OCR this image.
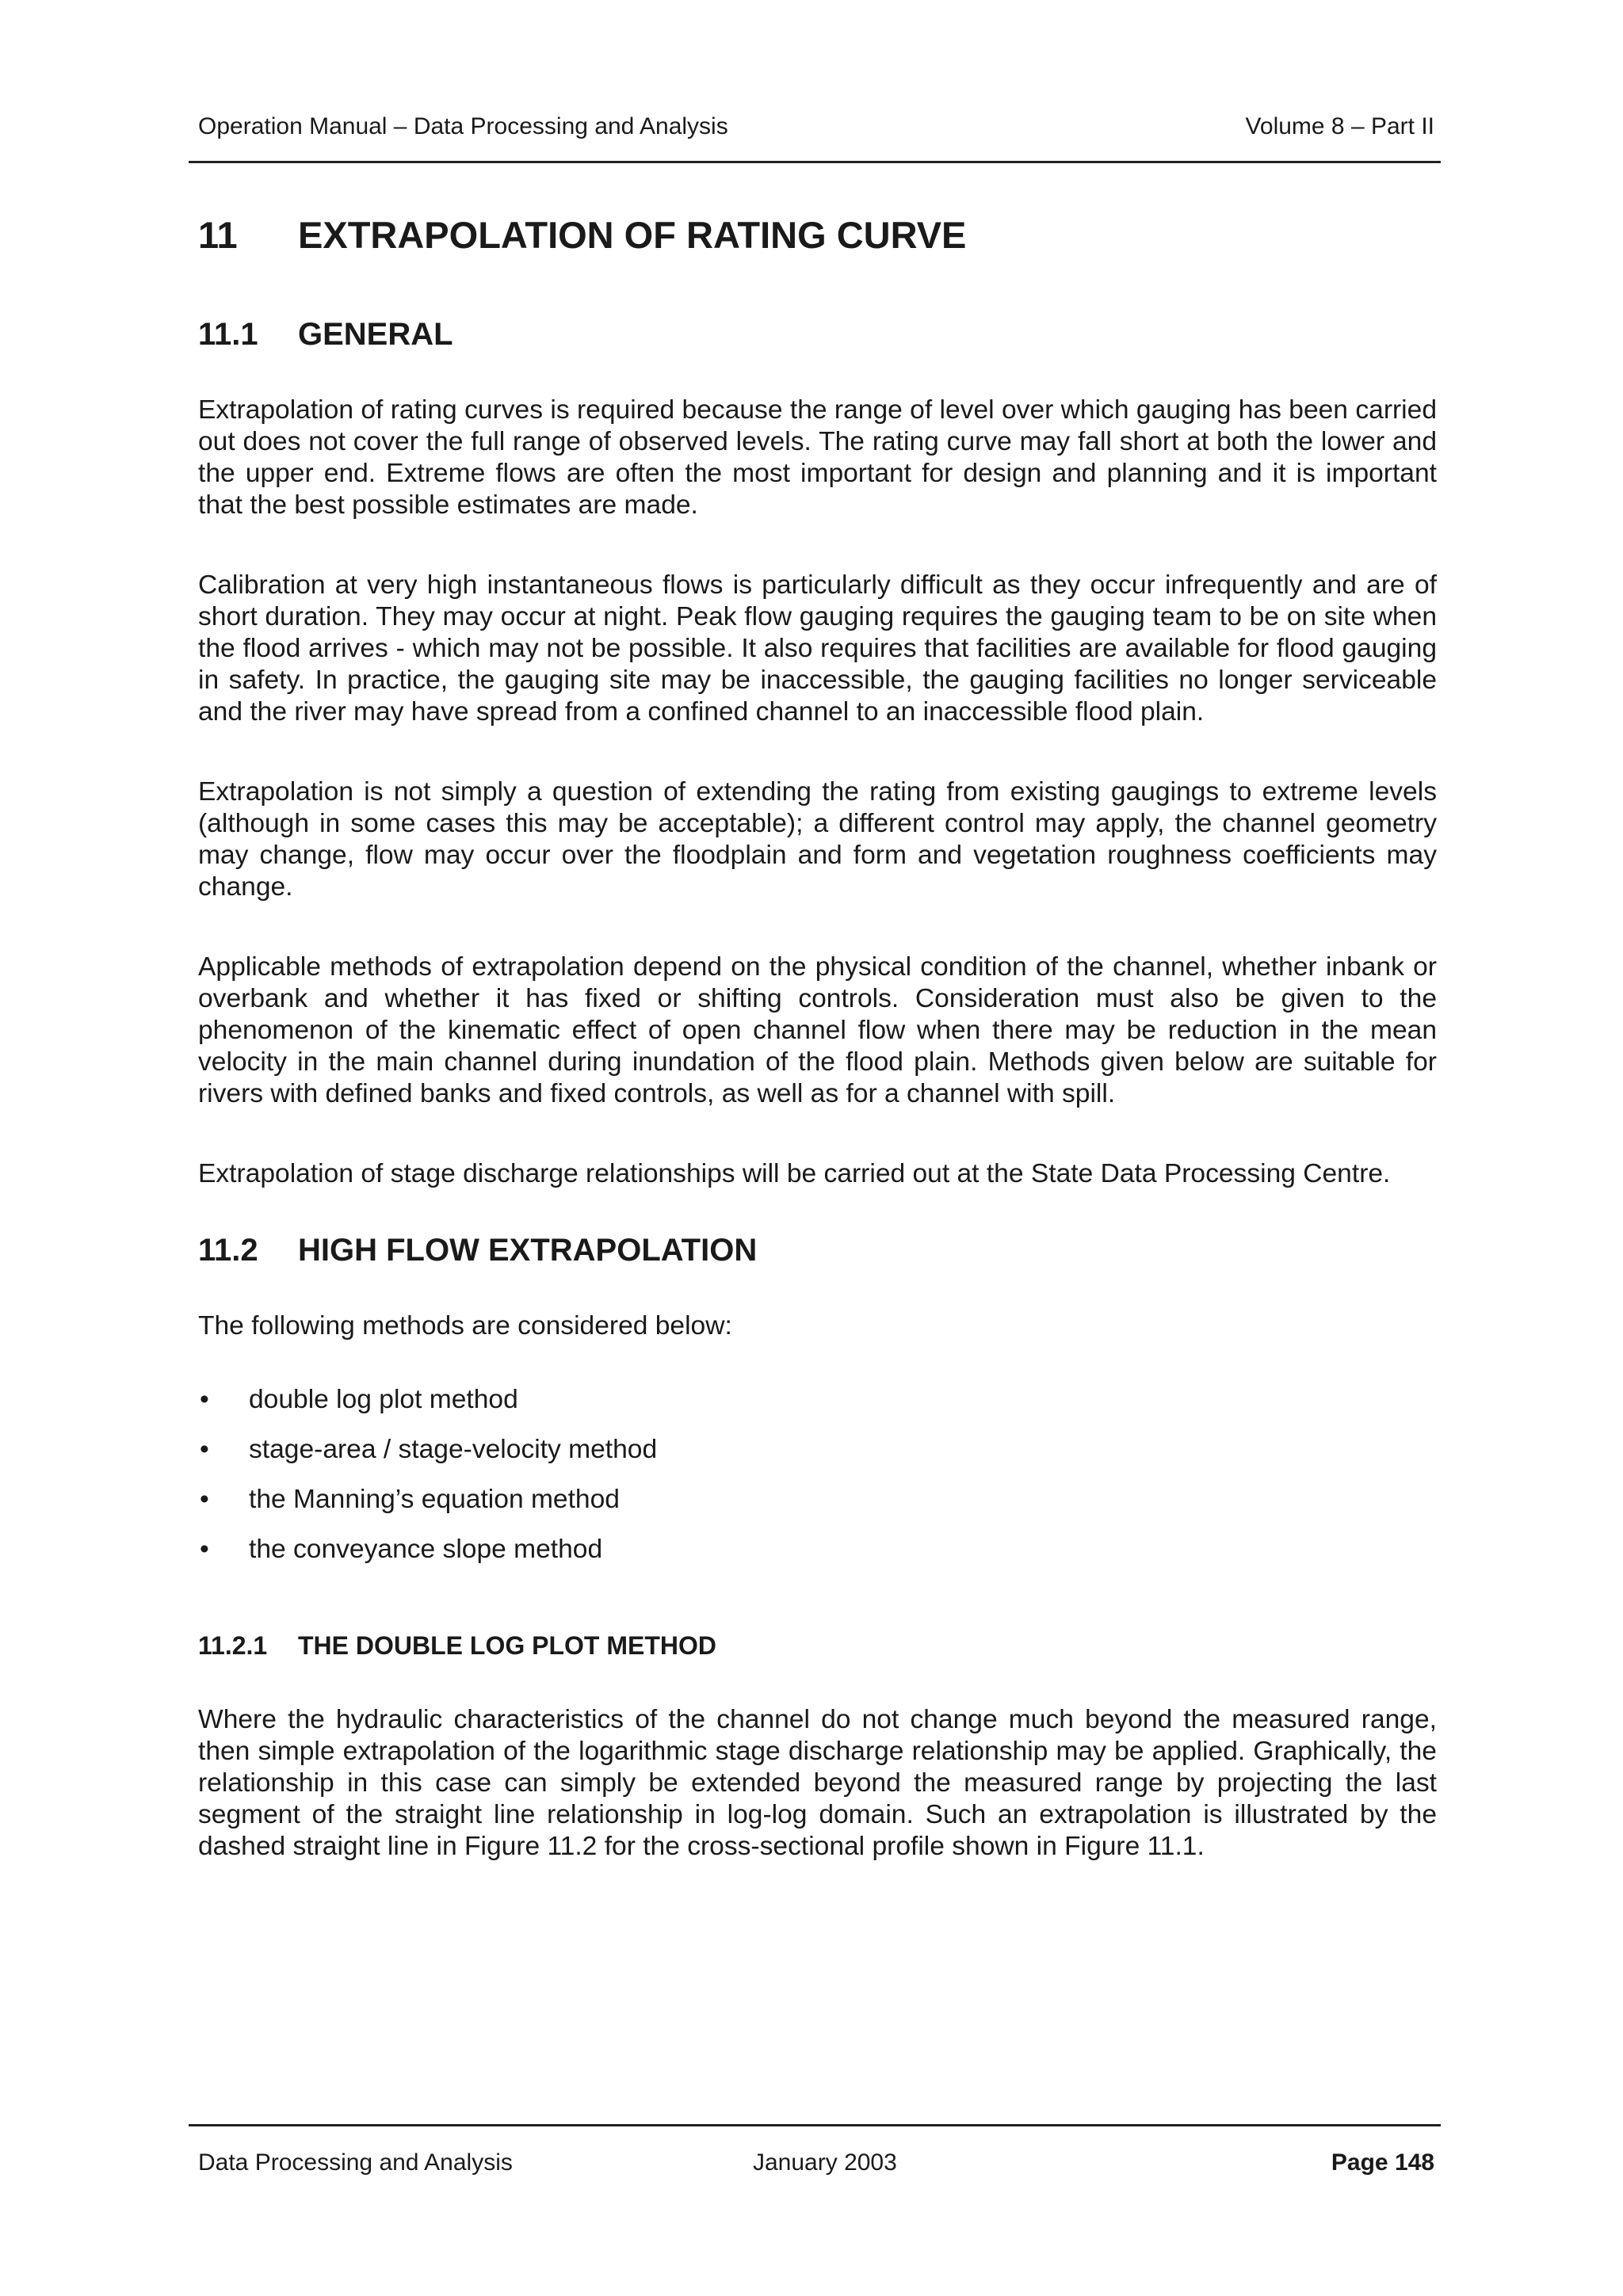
Operation Manual – Data Processing and Analysis	Volume 8 – Part II
11	EXTRAPOLATION OF RATING CURVE
11.1	GENERAL

Extrapolation of rating curves is required because the range of level over which gauging has been carried out does not cover the full range of observed levels. The rating curve may fall short at both the lower and the upper end. Extreme flows are often the most important for design and planning and it is important that the best possible estimates are made.

Calibration at very high instantaneous flows is particularly difficult as they occur infrequently and are of short duration. They may occur at night. Peak flow gauging requires the gauging team to be on site when the flood arrives - which may not be possible. It also requires that facilities are available for flood gauging in safety. In practice, the gauging site may be inaccessible, the gauging facilities no longer serviceable and the river may have spread from a confined channel to an inaccessible flood plain.

Extrapolation is not simply a question of extending the rating from existing gaugings to extreme levels (although in some cases this may be acceptable); a different control may apply, the channel geometry may change, flow may occur over the floodplain and form and vegetation roughness coefficients may change.

Applicable methods of extrapolation depend on the physical condition of the channel, whether inbank or overbank and whether it has fixed or shifting controls. Consideration must also be given to the phenomenon of the kinematic effect of open channel flow when there may be reduction in the mean velocity in the main channel during inundation of the flood plain. Methods given below are suitable for rivers with defined banks and fixed controls, as well as for a channel with spill.

Extrapolation of stage discharge relationships will be carried out at the State Data Processing Centre.

11.2	HIGH FLOW EXTRAPOLATION

The following methods are considered below:

•	double log plot method
•	stage-area / stage-velocity method
•	the Manning’s equation method
•	the conveyance slope method
11.2.1	THE DOUBLE LOG PLOT METHOD

Where the hydraulic characteristics of the channel do not change much beyond the measured range, then simple extrapolation of the logarithmic stage discharge relationship may be applied. Graphically, the relationship in this case can simply be extended beyond the measured range by projecting the last segment of the straight line relationship in log-log domain. Such an extrapolation is illustrated by the dashed straight line in Figure 11.2 for the cross-sectional profile shown in Figure 11.1.

Data Processing and Analysis	January 2003	Page 148
